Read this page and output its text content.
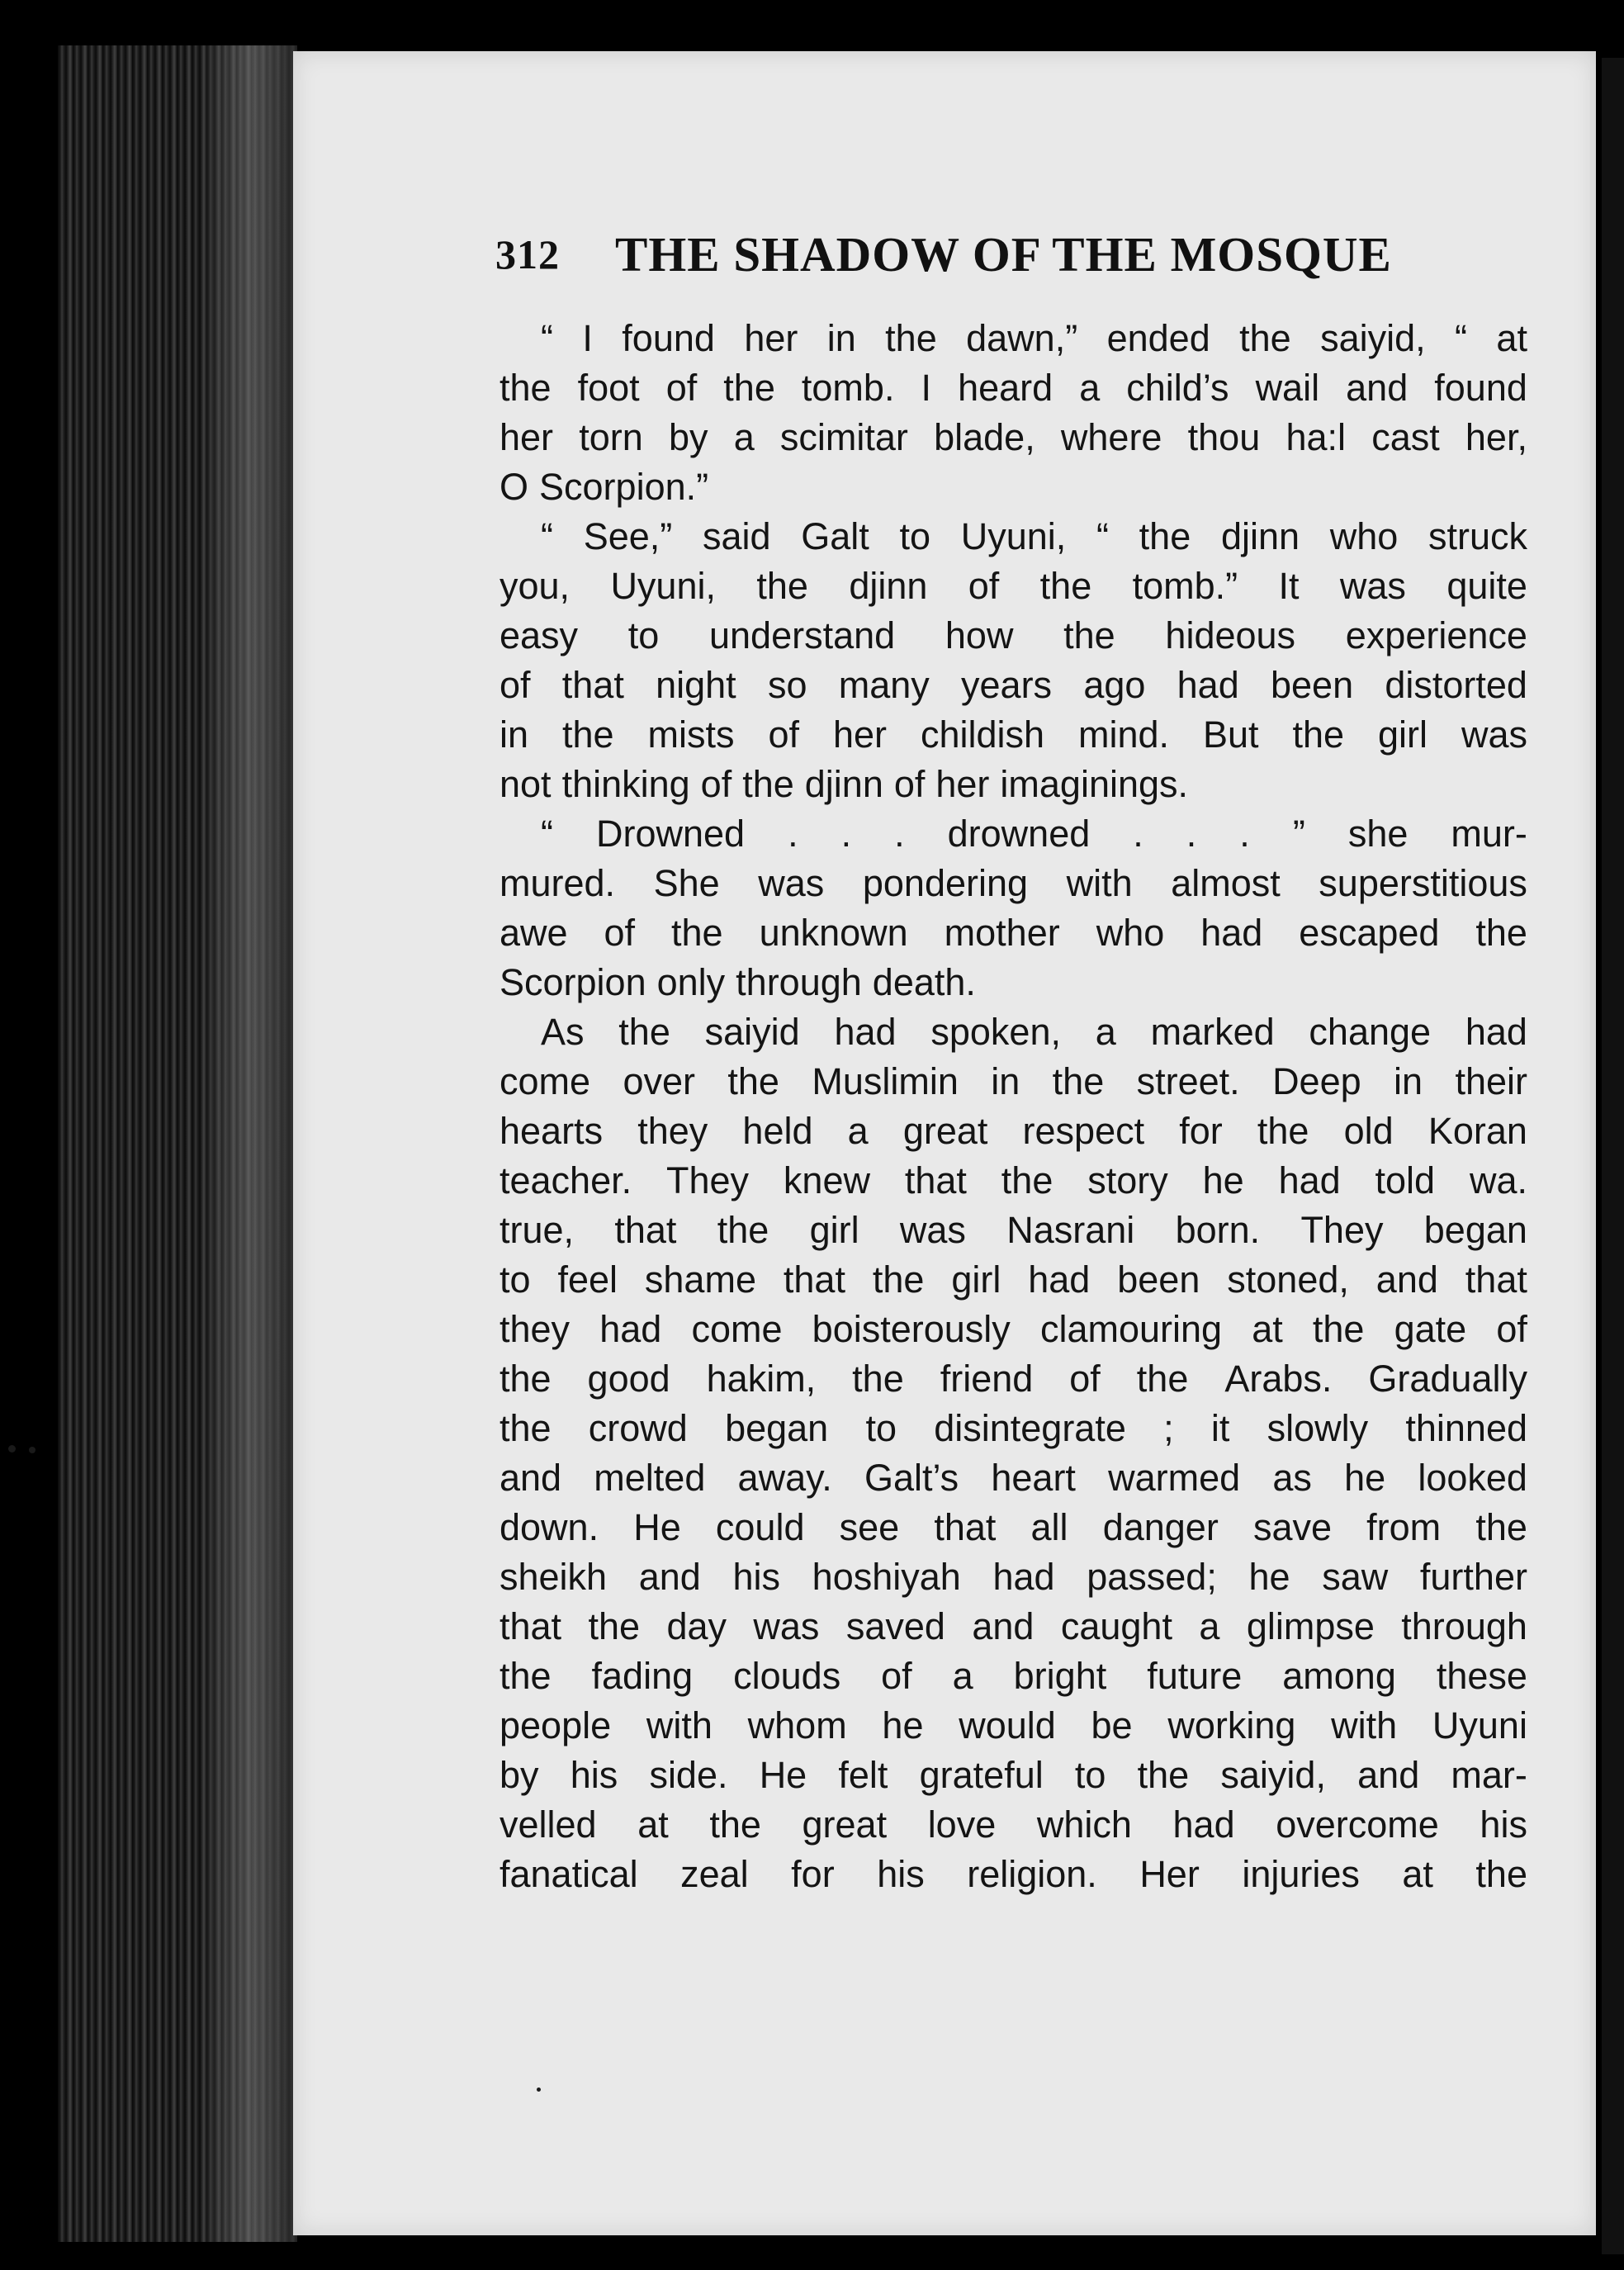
312 THE SHADOW OF THE MOSQUE
“ I found her in the dawn,” ended the saiyid, “ at
the foot of the tomb. I heard a child’s wail and found
her torn by a scimitar blade, where thou ha:l cast her,
O Scorpion.”
“ See,” said Galt to Uyuni, “ the djinn who struck
you, Uyuni, the djinn of the tomb.” It was quite
easy to understand how the hideous experience
of that night so many years ago had been distorted
in the mists of her childish mind. But the girl was
not thinking of the djinn of her imaginings.
“ Drowned . . . drowned . . . ” she mur-
mured. She was pondering with almost superstitious
awe of the unknown mother who had escaped the
Scorpion only through death.
As the saiyid had spoken, a marked change had
come over the Muslimin in the street. Deep in their
hearts they held a great respect for the old Koran
teacher. They knew that the story he had told wa.
true, that the girl was Nasrani born. They began
to feel shame that the girl had been stoned, and that
they had come boisterously clamouring at the gate of
the good hakim, the friend of the Arabs. Gradually
the crowd began to disintegrate ; it slowly thinned
and melted away. Galt’s heart warmed as he looked
down. He could see that all danger save from the
sheikh and his hoshiyah had passed; he saw further
that the day was saved and caught a glimpse through
the fading clouds of a bright future among these
people with whom he would be working with Uyuni
by his side. He felt grateful to the saiyid, and mar-
velled at the great love which had overcome his
fanatical zeal for his religion. Her injuries at the
